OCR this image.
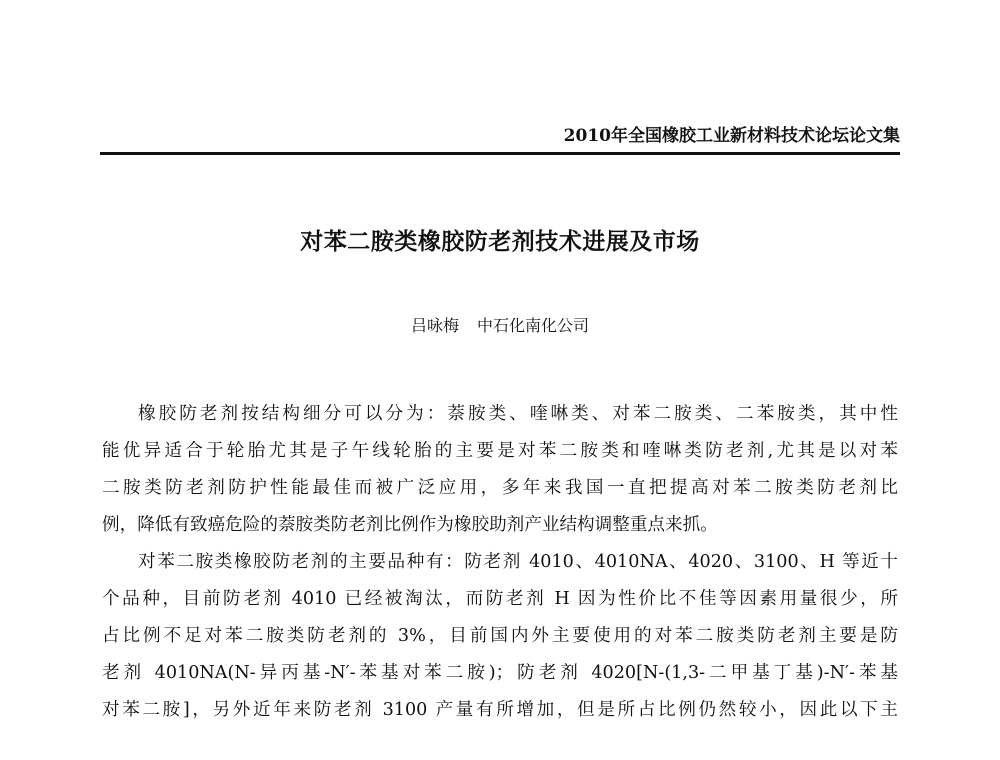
2010年全国橡胶工业新材料技术论坛论文集
对苯二胺类橡胶防老剂技术进展及市场
吕咏梅 中石化南化公司
橡胶防老剂按结构细分可以分为：萘胺类、喹啉类、对苯二胺类、二苯胺类，其中性
能优异适合于轮胎尤其是子午线轮胎的主要是对苯二胺类和喹啉类防老剂,尤其是以对苯
二胺类防老剂防护性能最佳而被广泛应用，多年来我国一直把提高对苯二胺类防老剂比
例，降低有致癌危险的萘胺类防老剂比例作为橡胶助剂产业结构调整重点来抓。
对苯二胺类橡胶防老剂的主要品种有：防老剂 4010、4010NA、4020、3100、H 等近十
个品种，目前防老剂 4010 已经被淘汰，而防老剂 H 因为性价比不佳等因素用量很少，所
占比例不足对苯二胺类防老剂的 3%，目前国内外主要使用的对苯二胺类防老剂主要是防
老剂 4010NA(N-异丙基-N′-苯基对苯二胺)；防老剂 4020[N-(1,3-二甲基丁基)-N′-苯基
对苯二胺]，另外近年来防老剂 3100 产量有所增加，但是所占比例仍然较小，因此以下主
